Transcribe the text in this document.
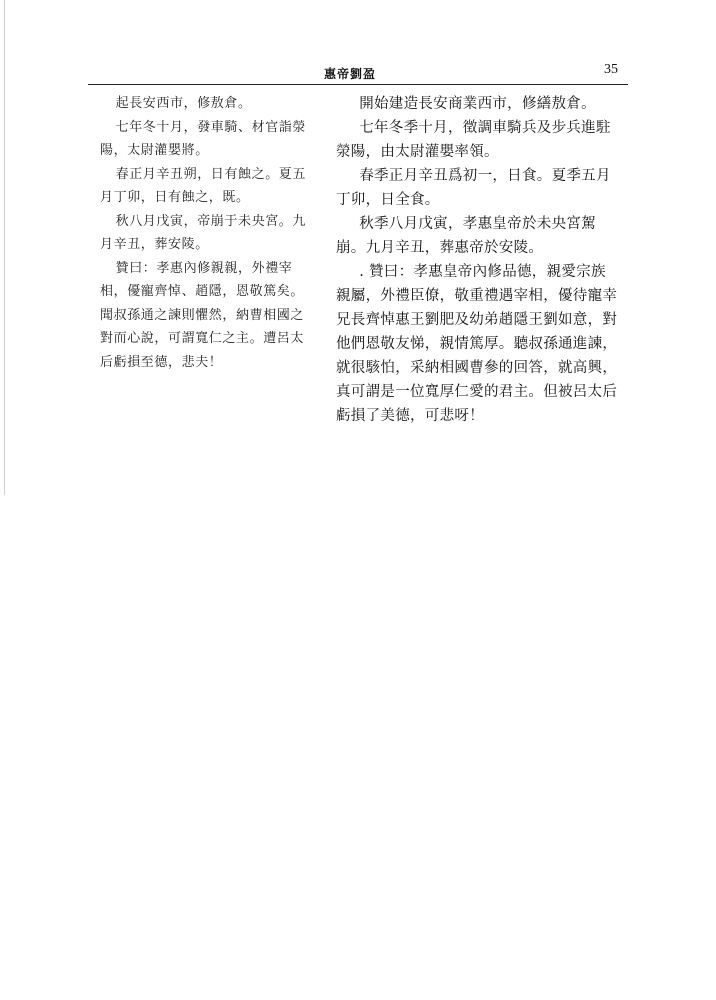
惠帝劉盈	35

起長安西市，修敖倉。

七年冬十月，發車騎、材官詣滎陽，太尉灌嬰將。

春正月辛丑朔，日有蝕之。夏五月丁卯，日有蝕之，既。

秋八月戊寅，帝崩于未央宮。九月辛丑，葬安陵。

贊曰：孝惠內修親親，外禮宰相，優寵齊悼、趙隱，恩敬篤矣。聞叔孫通之諫則懼然，納曹相國之對而心說，可謂寬仁之主。遭呂太后虧損至德，悲夫！

開始建造長安商業西市，修繕敖倉。

七年冬季十月，徵調車騎兵及步兵進駐滎陽，由太尉灌嬰率領。

春季正月辛丑爲初一，日食。夏季五月丁卯，日全食。

秋季八月戊寅，孝惠皇帝於未央宮駕崩。九月辛丑，葬惠帝於安陵。

. 贊曰：孝惠皇帝內修品德，親愛宗族親屬，外禮臣僚，敬重禮遇宰相，優待寵幸兄長齊悼惠王劉肥及幼弟趙隱王劉如意，對他們恩敬友悌，親情篤厚。聽叔孫通進諫，就很駭怕，采納相國曹參的回答，就高興，真可謂是一位寬厚仁愛的君主。但被呂太后虧損了美德，可悲呀！
